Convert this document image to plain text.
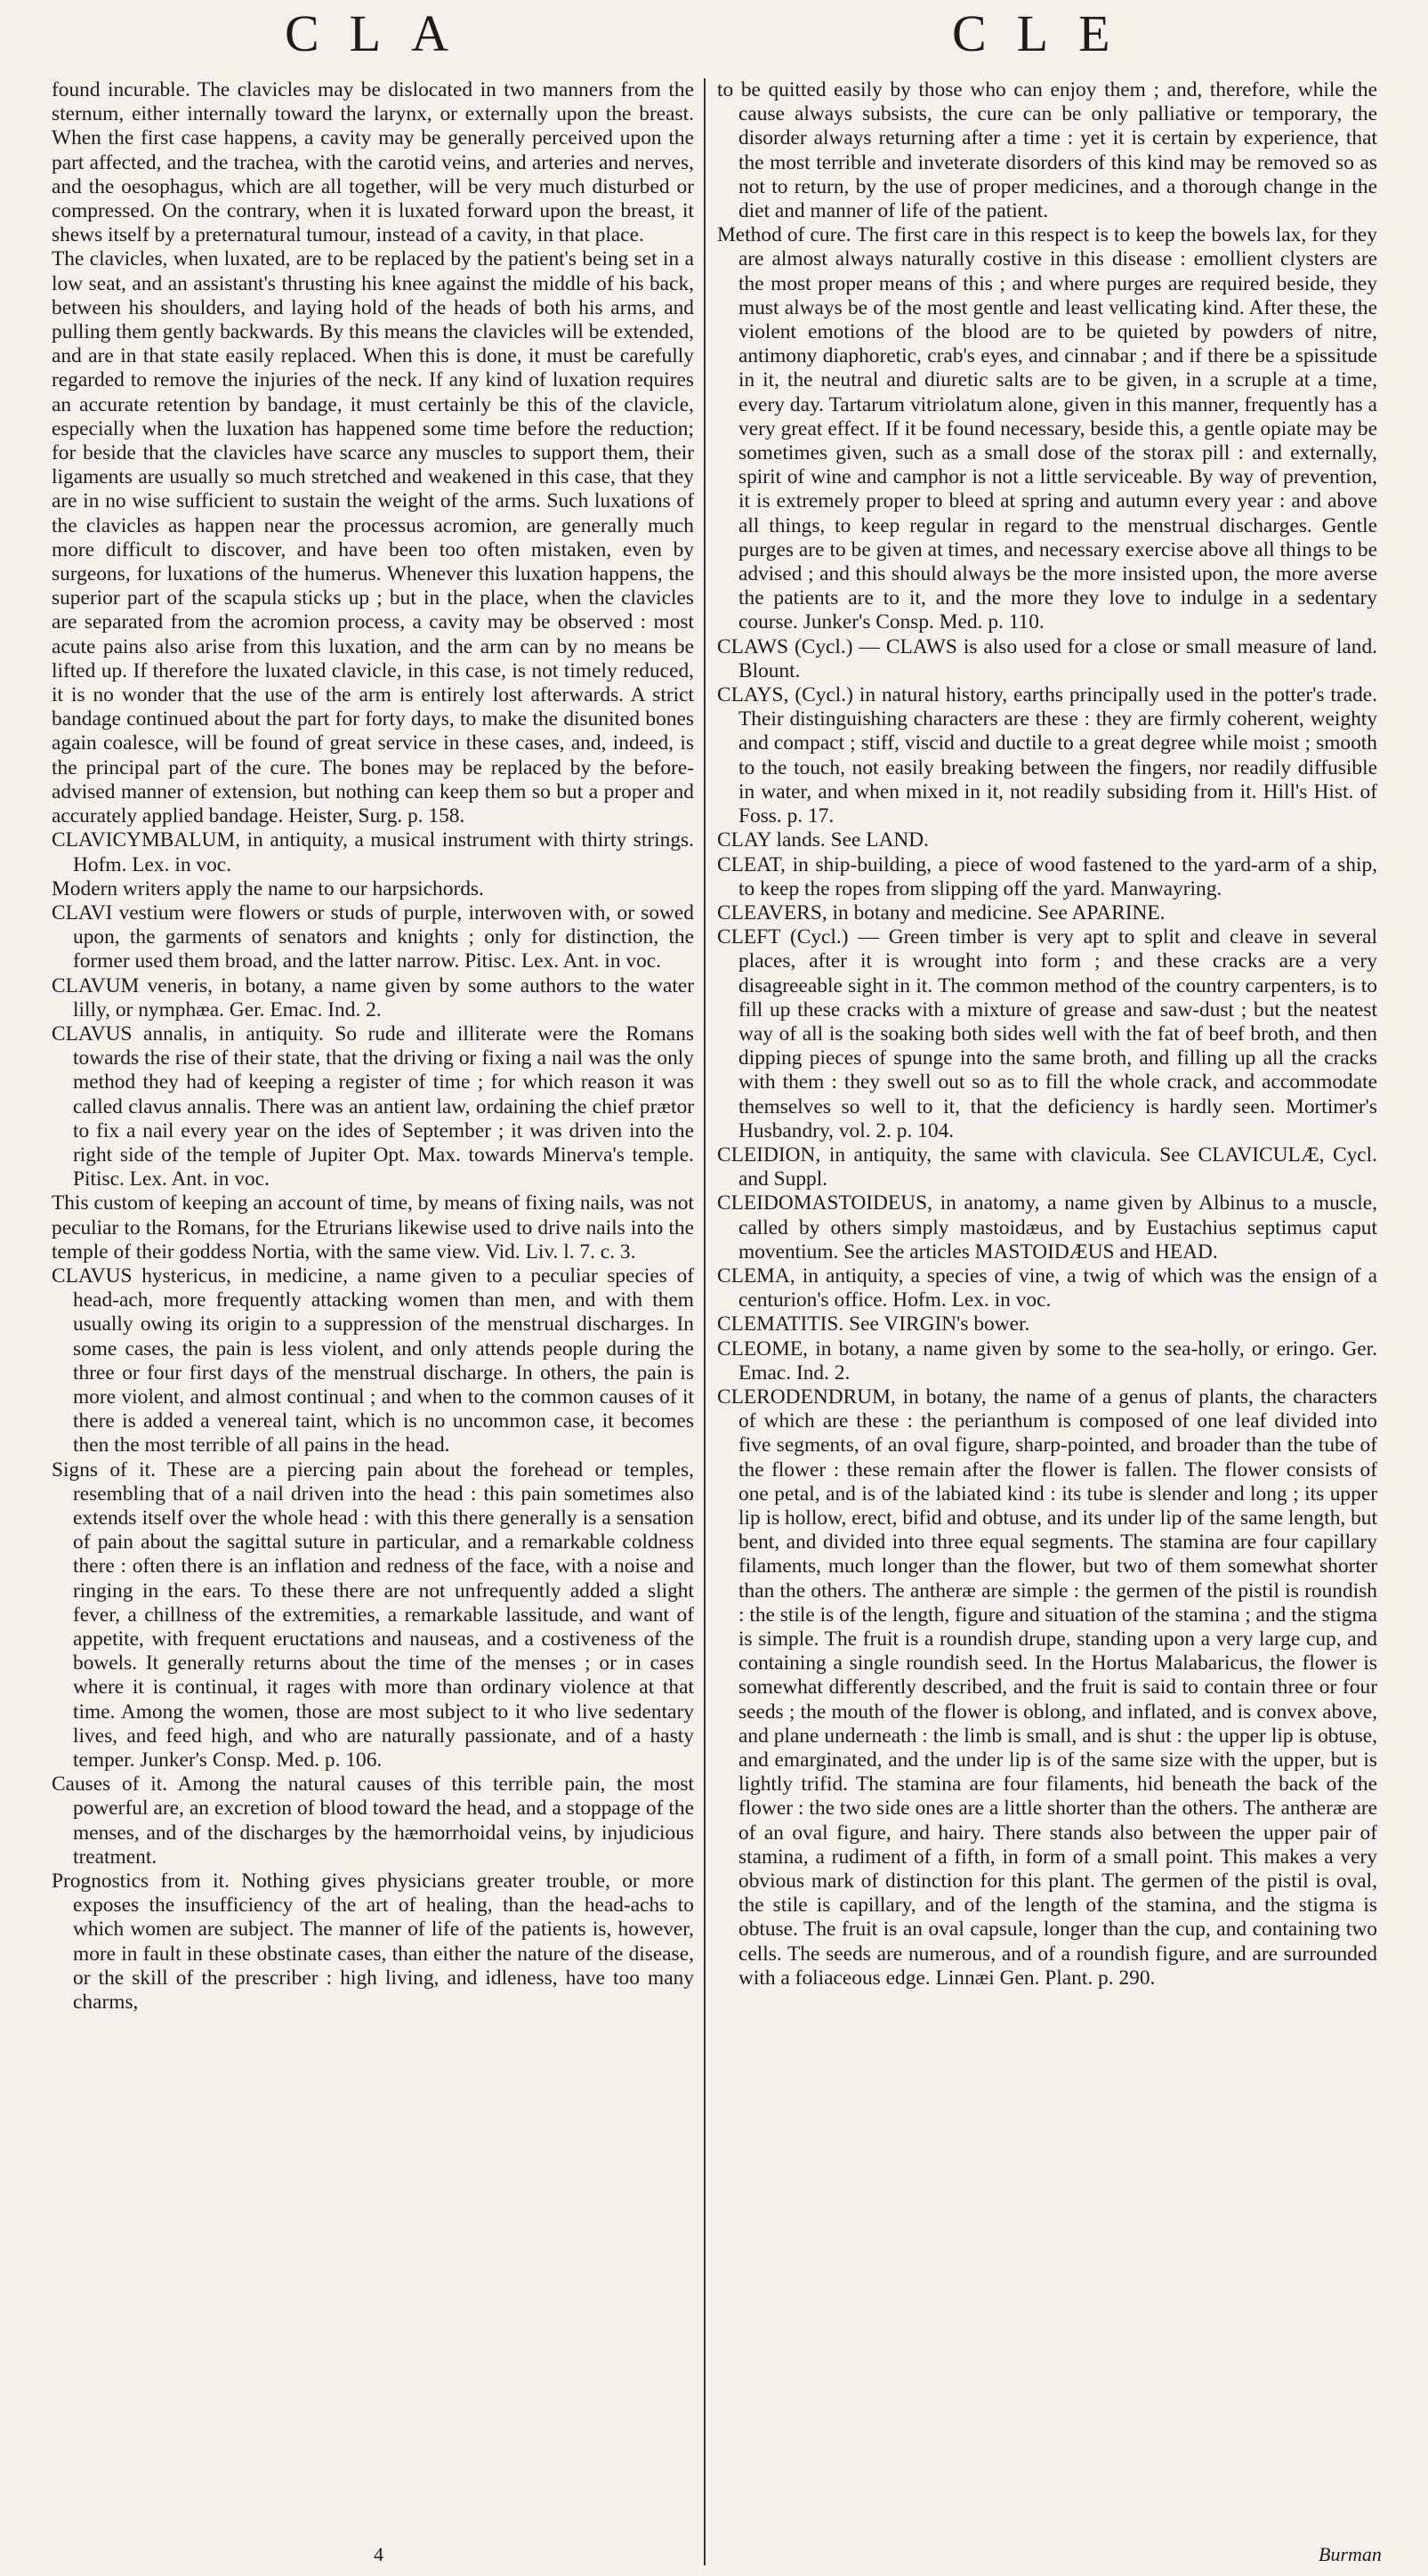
CLA	CLE

found incurable. The clavicles may be dislocated in two manners from the sternum, either internally toward the larynx, or externally upon the breast. When the first case happens, a cavity may be generally perceived upon the part affected, and the trachea, with the carotid veins, and arteries and nerves, and the oesophagus, which are all together, will be very much disturbed or compressed. On the contrary, when it is luxated forward upon the breast, it shews itself by a preternatural tumour, instead of a cavity, in that place.

The clavicles, when luxated, are to be replaced by the patient's being set in a low seat, and an assistant's thrusting his knee against the middle of his back, between his shoulders, and laying hold of the heads of both his arms, and pulling them gently backwards. By this means the clavicles will be extended, and are in that state easily replaced. When this is done, it must be carefully regarded to remove the injuries of the neck. If any kind of luxation requires an accurate retention by bandage, it must certainly be this of the clavicle, especially when the luxation has happened some time before the reduction; for beside that the clavicles have scarce any muscles to support them, their ligaments are usually so much stretched and weakened in this case, that they are in no wise sufficient to sustain the weight of the arms. Such luxations of the clavicles as happen near the processus acromion, are generally much more difficult to discover, and have been too often mistaken, even by surgeons, for luxations of the humerus. Whenever this luxation happens, the superior part of the scapula sticks up ; but in the place, when the clavicles are separated from the acromion process, a cavity may be observed : most acute pains also arise from this luxation, and the arm can by no means be lifted up. If therefore the luxated clavicle, in this case, is not timely reduced, it is no wonder that the use of the arm is entirely lost afterwards. A strict bandage continued about the part for forty days, to make the disunited bones again coalesce, will be found of great service in these cases, and, indeed, is the principal part of the cure. The bones may be replaced by the before-advised manner of extension, but nothing can keep them so but a proper and accurately applied bandage. Heister, Surg. p. 158.

CLAVICYMBALUM, in antiquity, a musical instrument with thirty strings. Hofm. Lex. in voc.

Modern writers apply the name to our harpsichords.

CLAVI vestium were flowers or studs of purple, interwoven with, or sowed upon, the garments of senators and knights ; only for distinction, the former used them broad, and the latter narrow. Pitisc. Lex. Ant. in voc.

CLAVUM veneris, in botany, a name given by some authors to the water lilly, or nymphæa. Ger. Emac. Ind. 2.

CLAVUS annalis, in antiquity. So rude and illiterate were the Romans towards the rise of their state, that the driving or fixing a nail was the only method they had of keeping a register of time ; for which reason it was called clavus annalis. There was an antient law, ordaining the chief prætor to fix a nail every year on the ides of September ; it was driven into the right side of the temple of Jupiter Opt. Max. towards Minerva's temple. Pitisc. Lex. Ant. in voc.

This custom of keeping an account of time, by means of fixing nails, was not peculiar to the Romans, for the Etrurians likewise used to drive nails into the temple of their goddess Nortia, with the same view. Vid. Liv. l. 7. c. 3.

CLAVUS hystericus, in medicine, a name given to a peculiar species of head-ach, more frequently attacking women than men, and with them usually owing its origin to a suppression of the menstrual discharges. In some cases, the pain is less violent, and only attends people during the three or four first days of the menstrual discharge. In others, the pain is more violent, and almost continual ; and when to the common causes of it there is added a venereal taint, which is no uncommon case, it becomes then the most terrible of all pains in the head.

Signs of it. These are a piercing pain about the forehead or temples, resembling that of a nail driven into the head : this pain sometimes also extends itself over the whole head : with this there generally is a sensation of pain about the sagittal suture in particular, and a remarkable coldness there : often there is an inflation and redness of the face, with a noise and ringing in the ears. To these there are not unfrequently added a slight fever, a chillness of the extremities, a remarkable lassitude, and want of appetite, with frequent eructations and nauseas, and a costiveness of the bowels. It generally returns about the time of the menses ; or in cases where it is continual, it rages with more than ordinary violence at that time. Among the women, those are most subject to it who live sedentary lives, and feed high, and who are naturally passionate, and of a hasty temper. Junker's Consp. Med. p. 106.

Causes of it. Among the natural causes of this terrible pain, the most powerful are, an excretion of blood toward the head, and a stoppage of the menses, and of the discharges by the hæmorrhoidal veins, by injudicious treatment.

Prognostics from it. Nothing gives physicians greater trouble, or more exposes the insufficiency of the art of healing, than the head-achs to which women are subject. The manner of life of the patients is, however, more in fault in these obstinate cases, than either the nature of the disease, or the skill of the prescriber : high living, and idleness, have too many charms,

to be quitted easily by those who can enjoy them ; and, therefore, while the cause always subsists, the cure can be only palliative or temporary, the disorder always returning after a time : yet it is certain by experience, that the most terrible and inveterate disorders of this kind may be removed so as not to return, by the use of proper medicines, and a thorough change in the diet and manner of life of the patient.

Method of cure. The first care in this respect is to keep the bowels lax, for they are almost always naturally costive in this disease : emollient clysters are the most proper means of this ; and where purges are required beside, they must always be of the most gentle and least vellicating kind. After these, the violent emotions of the blood are to be quieted by powders of nitre, antimony diaphoretic, crab's eyes, and cinnabar ; and if there be a spissitude in it, the neutral and diuretic salts are to be given, in a scruple at a time, every day. Tartarum vitriolatum alone, given in this manner, frequently has a very great effect. If it be found necessary, beside this, a gentle opiate may be sometimes given, such as a small dose of the storax pill : and externally, spirit of wine and camphor is not a little serviceable. By way of prevention, it is extremely proper to bleed at spring and autumn every year : and above all things, to keep regular in regard to the menstrual discharges. Gentle purges are to be given at times, and necessary exercise above all things to be advised ; and this should always be the more insisted upon, the more averse the patients are to it, and the more they love to indulge in a sedentary course. Junker's Consp. Med. p. 110.

CLAWS (Cycl.) — CLAWS is also used for a close or small measure of land. Blount.

CLAYS, (Cycl.) in natural history, earths principally used in the potter's trade. Their distinguishing characters are these : they are firmly coherent, weighty and compact ; stiff, viscid and ductile to a great degree while moist ; smooth to the touch, not easily breaking between the fingers, nor readily diffusible in water, and when mixed in it, not readily subsiding from it. Hill's Hist. of Foss. p. 17.

CLAY lands. See LAND.

CLEAT, in ship-building, a piece of wood fastened to the yard-arm of a ship, to keep the ropes from slipping off the yard. Manwayring.

CLEAVERS, in botany and medicine. See APARINE.

CLEFT (Cycl.) — Green timber is very apt to split and cleave in several places, after it is wrought into form ; and these cracks are a very disagreeable sight in it. The common method of the country carpenters, is to fill up these cracks with a mixture of grease and saw-dust ; but the neatest way of all is the soaking both sides well with the fat of beef broth, and then dipping pieces of spunge into the same broth, and filling up all the cracks with them : they swell out so as to fill the whole crack, and accommodate themselves so well to it, that the deficiency is hardly seen. Mortimer's Husbandry, vol. 2. p. 104.

CLEIDION, in antiquity, the same with clavicula. See CLAVICULÆ, Cycl. and Suppl.

CLEIDOMASTOIDEUS, in anatomy, a name given by Albinus to a muscle, called by others simply mastoidæus, and by Eustachius septimus caput moventium. See the articles MASTOIDÆUS and HEAD.

CLEMA, in antiquity, a species of vine, a twig of which was the ensign of a centurion's office. Hofm. Lex. in voc.

CLEMATITIS. See VIRGIN's bower.

CLEOME, in botany, a name given by some to the sea-holly, or eringo. Ger. Emac. Ind. 2.

CLERODENDRUM, in botany, the name of a genus of plants, the characters of which are these : the perianthum is composed of one leaf divided into five segments, of an oval figure, sharp-pointed, and broader than the tube of the flower : these remain after the flower is fallen. The flower consists of one petal, and is of the labiated kind : its tube is slender and long ; its upper lip is hollow, erect, bifid and obtuse, and its under lip of the same length, but bent, and divided into three equal segments. The stamina are four capillary filaments, much longer than the flower, but two of them somewhat shorter than the others. The antheræ are simple : the germen of the pistil is roundish : the stile is of the length, figure and situation of the stamina ; and the stigma is simple. The fruit is a roundish drupe, standing upon a very large cup, and containing a single roundish seed. In the Hortus Malabaricus, the flower is somewhat differently described, and the fruit is said to contain three or four seeds ; the mouth of the flower is oblong, and inflated, and is convex above, and plane underneath : the limb is small, and is shut : the upper lip is obtuse, and emarginated, and the under lip is of the same size with the upper, but is lightly trifid. The stamina are four filaments, hid beneath the back of the flower : the two side ones are a little shorter than the others. The antheræ are of an oval figure, and hairy. There stands also between the upper pair of stamina, a rudiment of a fifth, in form of a small point. This makes a very obvious mark of distinction for this plant. The germen of the pistil is oval, the stile is capillary, and of the length of the stamina, and the stigma is obtuse. The fruit is an oval capsule, longer than the cup, and containing two cells. The seeds are numerous, and of a roundish figure, and are surrounded with a foliaceous edge. Linnæi Gen. Plant. p. 290.

4	Burman
